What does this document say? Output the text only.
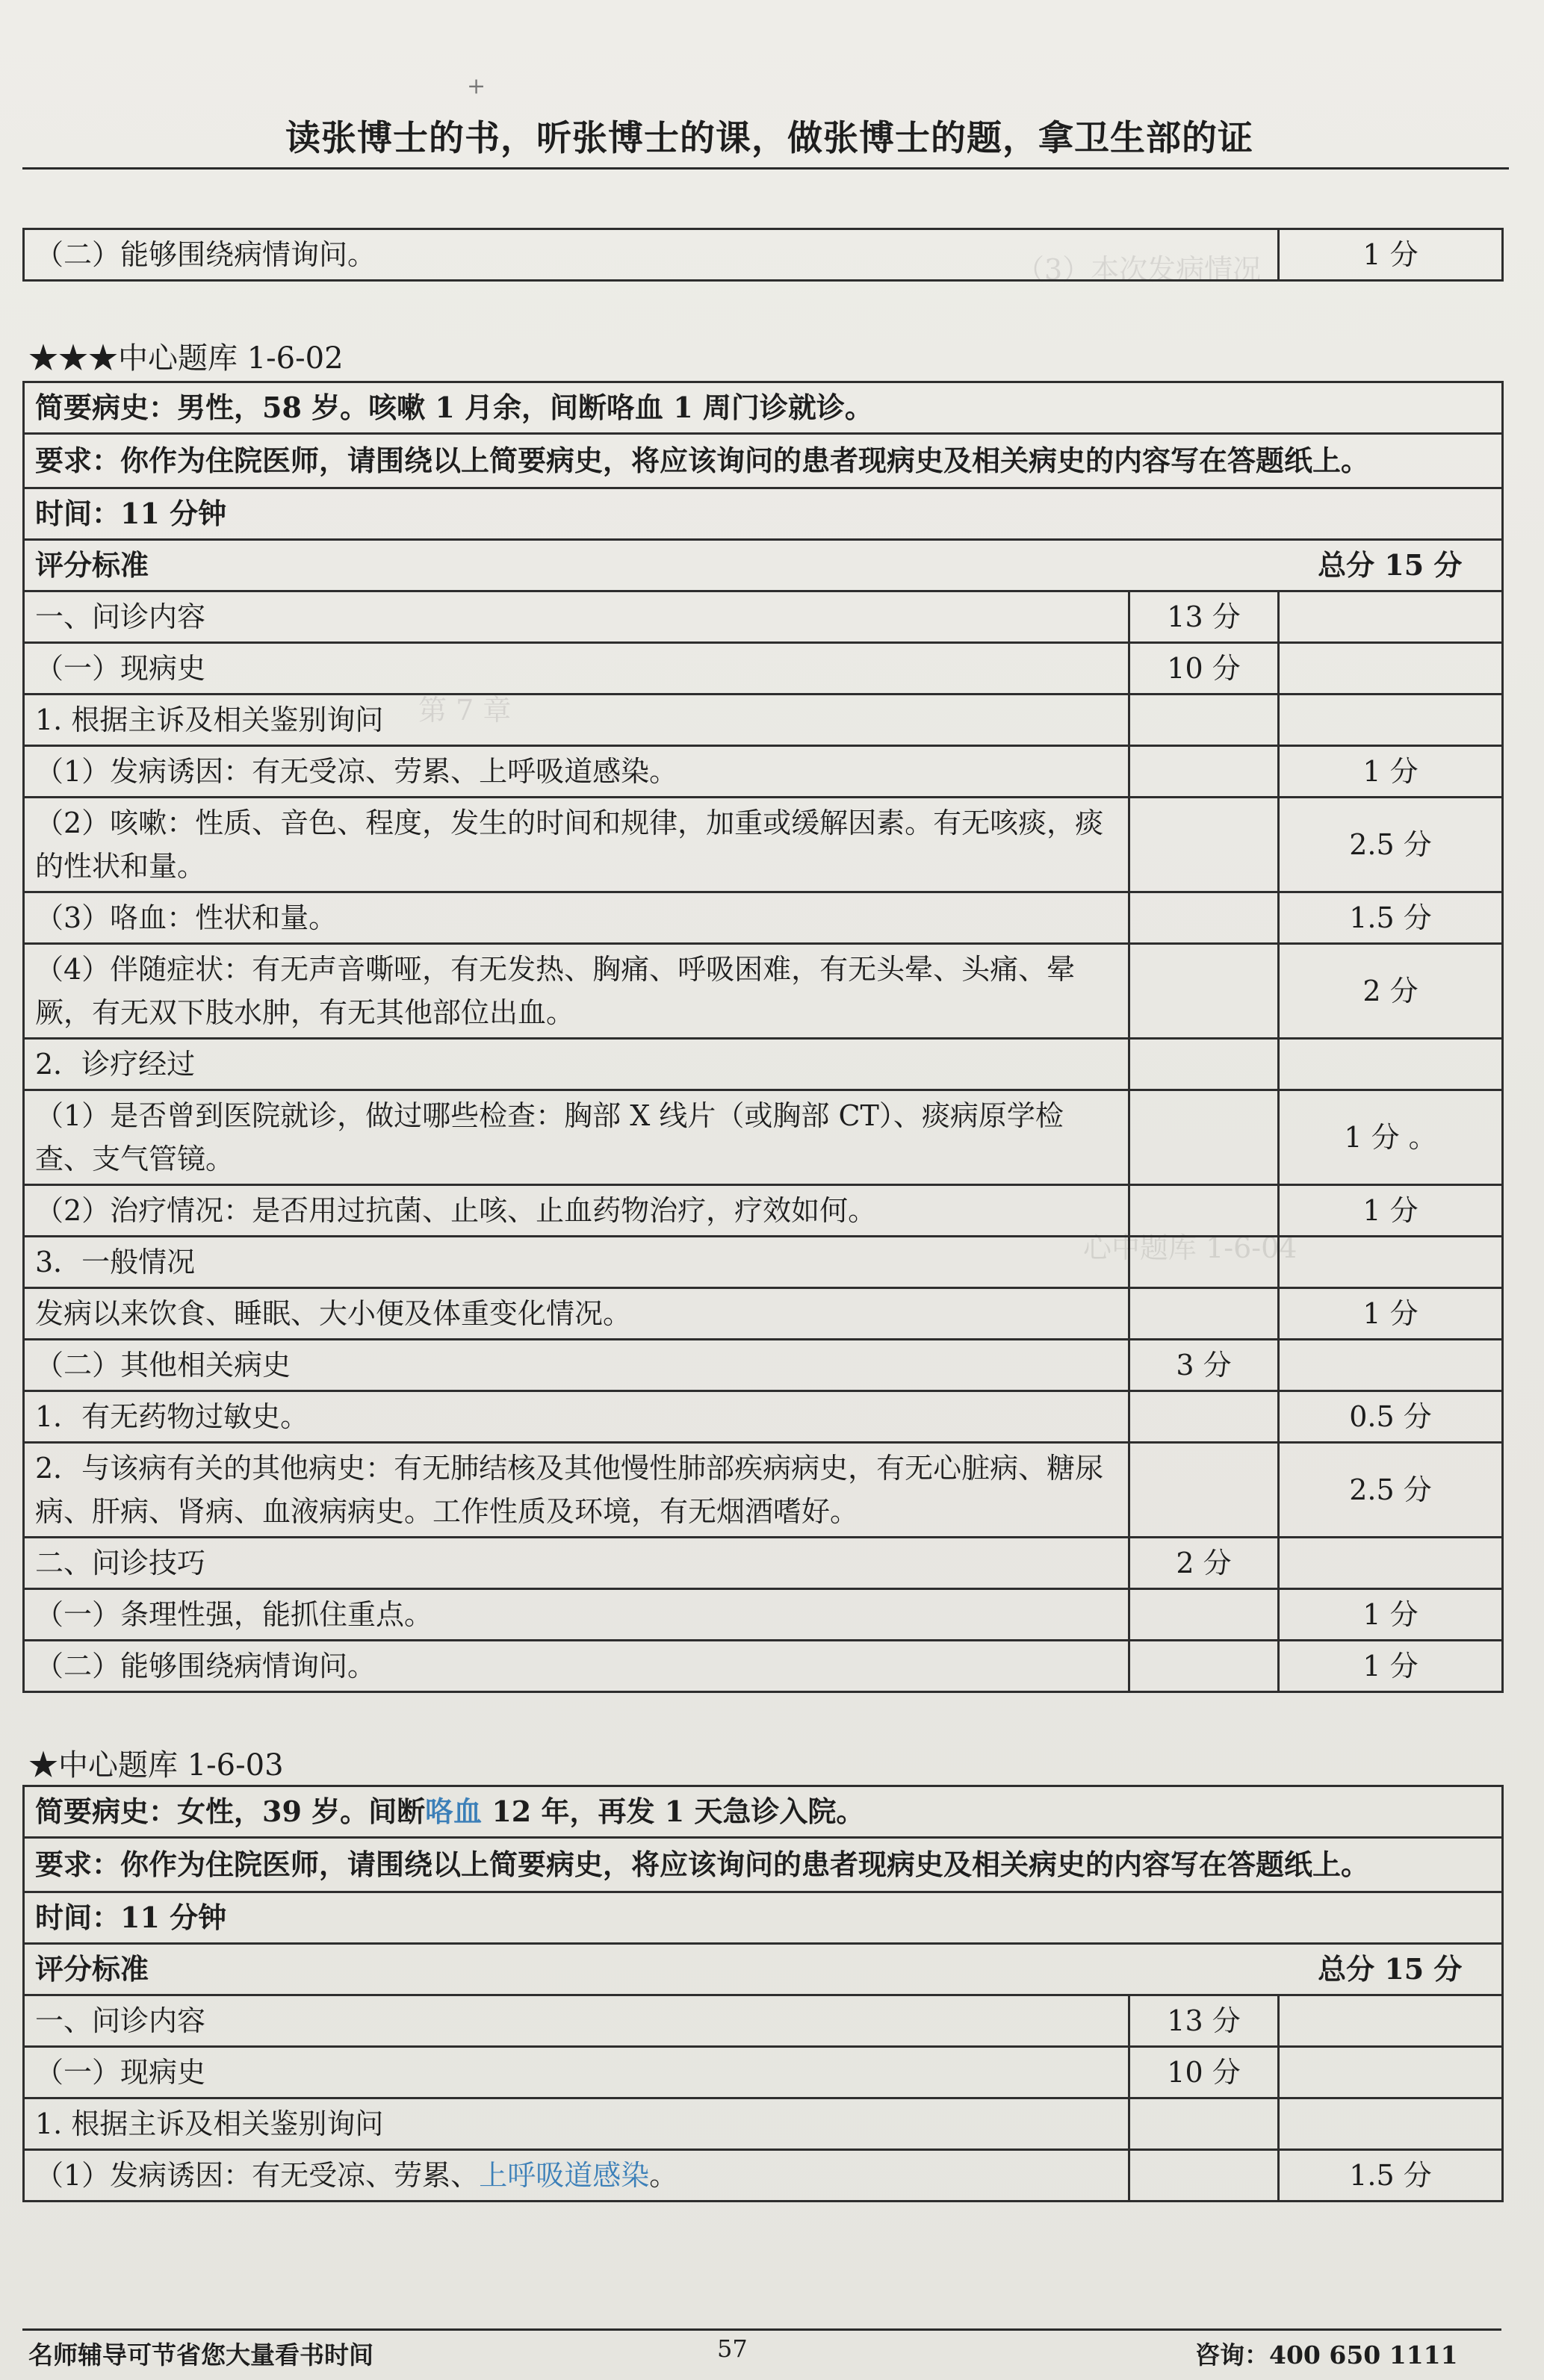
（3）本次发病情况
第 7 章
心中题库 1-6-04
+
读张博士的书，听张博士的课，做张博士的题，拿卫生部的证
（二）能够围绕病情询问。	1 分
★★★中心题库 1-6-02
简要病史：男性，58 岁。咳嗽 1 月余，间断咯血 1 周门诊就诊。		
要求：你作为住院医师，请围绕以上简要病史，将应该询问的患者现病史及相关病史的内容写在答题纸上。		
时间：11 分钟		
评分标准		总分 15 分
一、问诊内容	13 分	
（一）现病史	10 分	
1. 根据主诉及相关鉴别询问		
（1）发病诱因：有无受凉、劳累、上呼吸道感染。		1 分
（2）咳嗽：性质、音色、程度，发生的时间和规律，加重或缓解因素。有无咳痰，痰的性状和量。		2.5 分
（3）咯血：性状和量。		1.5 分
（4）伴随症状：有无声音嘶哑，有无发热、胸痛、呼吸困难，有无头晕、头痛、晕厥，有无双下肢水肿，有无其他部位出血。		2 分
2．诊疗经过		
（1）是否曾到医院就诊，做过哪些检查：胸部 X 线片（或胸部 CT）、痰病原学检查、支气管镜。		1 分 。
（2）治疗情况：是否用过抗菌、止咳、止血药物治疗，疗效如何。		1 分
3．一般情况		
发病以来饮食、睡眠、大小便及体重变化情况。		1 分
（二）其他相关病史	3 分	
1．有无药物过敏史。		0.5 分
2．与该病有关的其他病史：有无肺结核及其他慢性肺部疾病病史，有无心脏病、糖尿病、肝病、肾病、血液病病史。工作性质及环境，有无烟酒嗜好。		2.5 分
二、问诊技巧	2 分	
（一）条理性强，能抓住重点。		1 分
（二）能够围绕病情询问。		1 分
★中心题库 1-6-03
简要病史：女性，39 岁。间断咯血 12 年，再发 1 天急诊入院。		
要求：你作为住院医师，请围绕以上简要病史，将应该询问的患者现病史及相关病史的内容写在答题纸上。		
时间：11 分钟		
评分标准		总分 15 分
一、问诊内容	13 分	
（一）现病史	10 分	
1. 根据主诉及相关鉴别询问		
（1）发病诱因：有无受凉、劳累、上呼吸道感染。		1.5 分
名师辅导可节省您大量看书时间	57	咨询：400 650 1111
